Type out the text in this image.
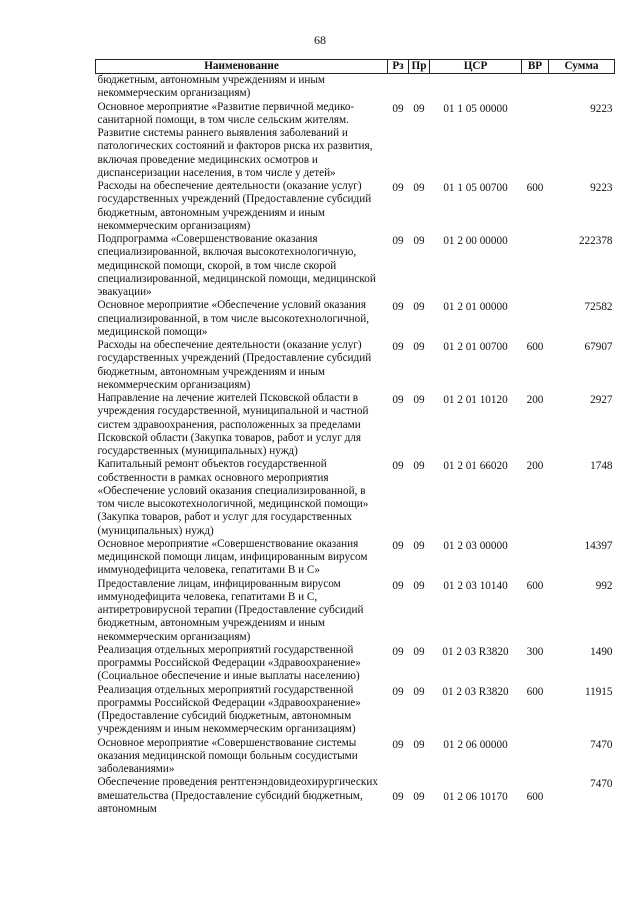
68
Наименование	Рз	Пр	ЦСР	ВР	Сумма
бюджетным, автономным учреждениям и иным некоммерческим организациям)					
Основное мероприятие «Развитие первичной медико-санитарной помощи, в том числе сельским жителям. Развитие системы раннего выявления заболеваний и патологических состояний и факторов риска их развития, включая проведение медицинских осмотров и диспансеризации населения, в том числе у детей»	09	09	01 1 05 00000		9223
Расходы на обеспечение деятельности (оказание услуг) государственных учреждений (Предоставление субсидий бюджетным, автономным учреждениям и иным некоммерческим организациям)	09	09	01 1 05 00700	600	9223
Подпрограмма «Совершенствование оказания специализированной, включая высокотехнологичную, медицинской помощи, скорой, в том числе скорой специализированной, медицинской помощи, медицинской эвакуации»	09	09	01 2 00 00000		222378
Основное мероприятие «Обеспечение условий оказания специализированной, в том числе высокотехнологичной, медицинской помощи»	09	09	01 2 01 00000		72582
Расходы на обеспечение деятельности (оказание услуг) государственных учреждений (Предоставление субсидий бюджетным, автономным учреждениям и иным некоммерческим организациям)	09	09	01 2 01 00700	600	67907
Направление на лечение жителей Псковской области в учреждения государственной, муниципальной и частной систем здравоохранения, расположенных за пределами Псковской области (Закупка товаров, работ и услуг для государственных (муниципальных) нужд)	09	09	01 2 01 10120	200	2927
Капитальный ремонт объектов государственной собственности в рамках основного мероприятия «Обеспечение условий оказания специализированной, в том числе высокотехнологичной, медицинской помощи» (Закупка товаров, работ и услуг для государственных (муниципальных) нужд)	09	09	01 2 01 66020	200	1748
Основное мероприятие «Совершенствование оказания медицинской помощи лицам, инфицированным вирусом иммунодефицита человека, гепатитами В и С»	09	09	01 2 03 00000		14397
Предоставление лицам, инфицированным вирусом иммунодефицита человека, гепатитами В и С, антиретровирусной терапии (Предоставление субсидий бюджетным, автономным учреждениям и иным некоммерческим организациям)	09	09	01 2 03 10140	600	992
Реализация отдельных мероприятий государственной программы Российской Федерации «Здравоохранение» (Социальное обеспечение и иные выплаты населению)	09	09	01 2 03 R3820	300	1490
Реализация отдельных мероприятий государственной программы Российской Федерации «Здравоохранение» (Предоставление субсидий бюджетным, автономным учреждениям и иным некоммерческим организациям)	09	09	01 2 03 R3820	600	11915
Основное мероприятие «Совершенствование системы оказания медицинской помощи больным сосудистыми заболеваниями»	09	09	01 2 06 00000		7470
Обеспечение проведения рентгенэндовидеохирургических вмешательства (Предоставление субсидий бюджетным, автономным	09	09	01 2 06 10170	600	7470
